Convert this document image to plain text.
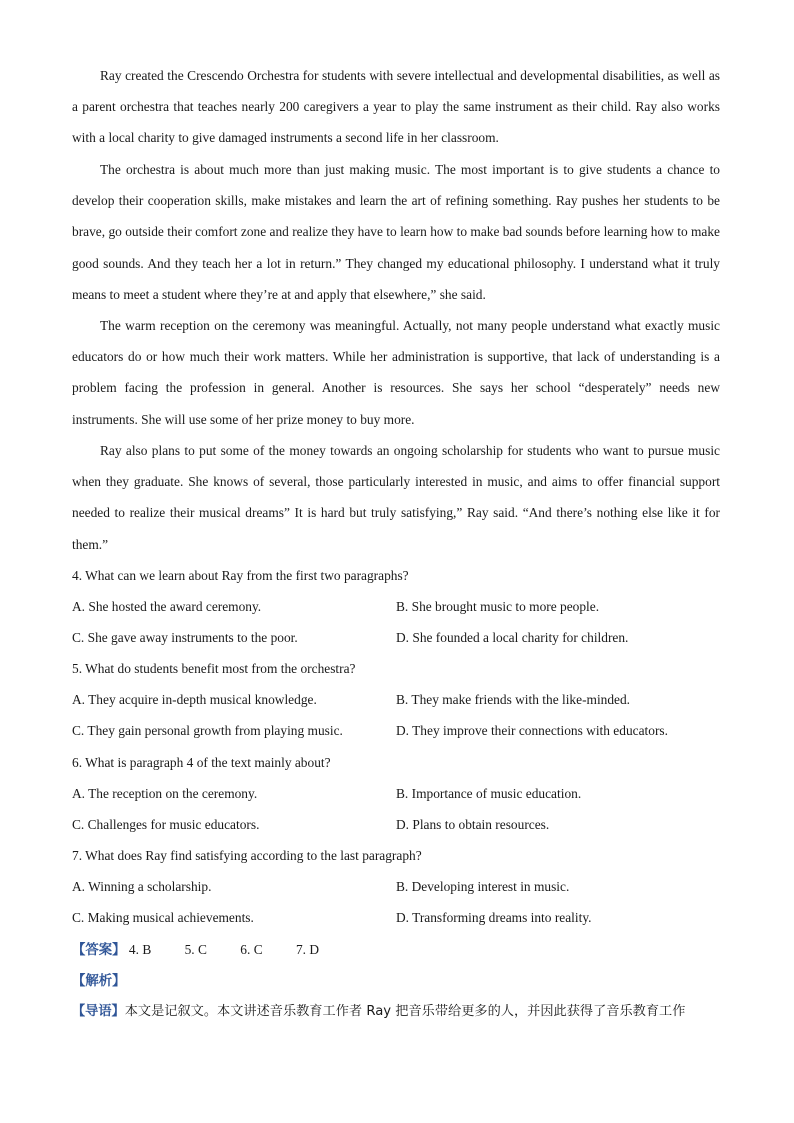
Ray created the Crescendo Orchestra for students with severe intellectual and developmental disabilities, as well as a parent orchestra that teaches nearly 200 caregivers a year to play the same instrument as their child. Ray also works with a local charity to give damaged instruments a second life in her classroom.

The orchestra is about much more than just making music. The most important is to give students a chance to develop their cooperation skills, make mistakes and learn the art of refining something. Ray pushes her students to be brave, go outside their comfort zone and realize they have to learn how to make bad sounds before learning how to make good sounds. And they teach her a lot in return.” They changed my educational philosophy. I understand what it truly means to meet a student where they’re at and apply that elsewhere,” she said.

The warm reception on the ceremony was meaningful. Actually, not many people understand what exactly music educators do or how much their work matters. While her administration is supportive, that lack of understanding is a problem facing the profession in general. Another is resources. She says her school “desperately” needs new instruments. She will use some of her prize money to buy more.

Ray also plans to put some of the money towards an ongoing scholarship for students who want to pursue music when they graduate. She knows of several, those particularly interested in music, and aims to offer financial support needed to realize their musical dreams” It is hard but truly satisfying,” Ray said. “And there’s nothing else like it for them.”

4. What can we learn about Ray from the first two paragraphs?
A. She hosted the award ceremony.	B. She brought music to more people.
C. She gave away instruments to the poor.	D. She founded a local charity for children.
5. What do students benefit most from the orchestra?
A. They acquire in-depth musical knowledge.	B. They make friends with the like-minded.
C. They gain personal growth from playing music.	D. They improve their connections with educators.
6. What is paragraph 4 of the text mainly about?
A. The reception on the ceremony.	B. Importance of music education.
C. Challenges for music educators.	D. Plans to obtain resources.
7. What does Ray find satisfying according to the last paragraph?
A. Winning a scholarship.	B. Developing interest in music.
C. Making musical achievements.	D. Transforming dreams into reality.
【答案】 4. B 5. C 6. C 7. D
【解析】
【导语】本文是记叙文。本文讲述音乐教育工作者 Ray 把音乐带给更多的人，并因此获得了音乐教育工作
